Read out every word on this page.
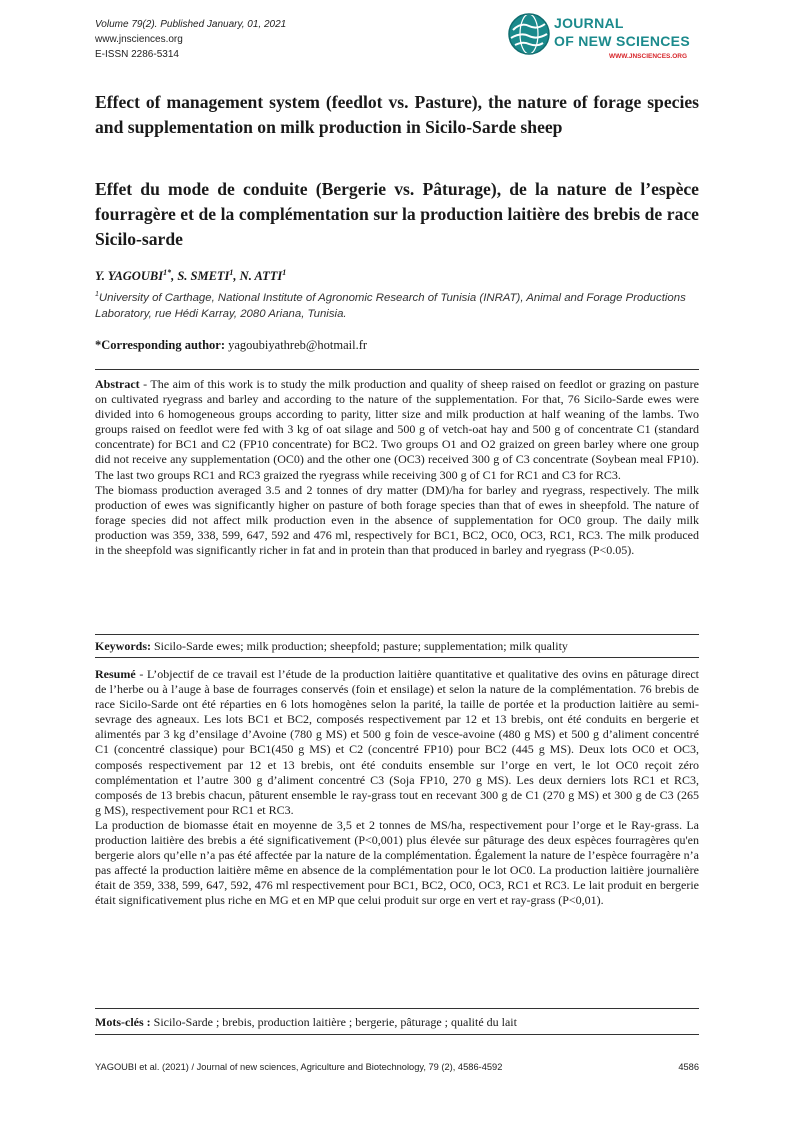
Volume 79(2). Published January, 01, 2021
www.jnsciences.org
E-ISSN 2286-5314
JOURNAL
OF NEW SCIENCES
WWW.JNSCIENCES.ORG
Effect of management system (feedlot vs. Pasture), the nature of forage species and supplementation on milk production in Sicilo-Sarde sheep
Effet du mode de conduite (Bergerie vs. Pâturage), de la nature de l’espèce fourragère et de la complémentation sur la production laitière des brebis de race Sicilo-sarde
Y. $YAGOUBI^{1*}$, S. SMETI$^1$, N. ATTI$^1$
$^1$University of Carthage, National Institute of Agronomic Research of Tunisia (INRAT), Animal and Forage Productions Laboratory, rue Hédi Karray, 2080 Ariana, Tunisia.
*Corresponding author: yagoubiyathreb@hotmail.fr

Abstract - The aim of this work is to study the milk production and quality of sheep raised on feedlot or grazing on pasture on cultivated ryegrass and barley and according to the nature of the supplementation. For that, 76 Sicilo-Sarde ewes were divided into 6 homogeneous groups according to parity, litter size and milk production at half weaning of the lambs. Two groups raised on feedlot were fed with 3 kg of oat silage and 500 g of vetch-oat hay and 500 g of concentrate C1 (standard concentrate) for BC1 and C2 (FP10 concentrate) for BC2. Two groups O1 and O2 graized on green barley where one group did not receive any supplementation (OC0) and the other one (OC3) received 300 g of C3 concentrate (Soybean meal FP10). The last two groups RC1 and RC3 graized the ryegrass while receiving 300 g of C1 for RC1 and C3 for RC3.

The biomass production averaged 3.5 and 2 tonnes of dry matter (DM)/ha for barley and ryegrass, respectively. The milk production of ewes was significantly higher on pasture of both forage species than that of ewes in sheepfold. The nature of forage species did not affect milk production even in the absence of supplementation for OC0 group. The daily milk production was 359, 338, 599, 647, 592 and 476 ml, respectively for BC1, BC2, OC0, OC3, RC1, RC3. The milk produced in the sheepfold was significantly richer in fat and in protein than that produced in barley and ryegrass (P<0.05).

Keywords: Sicilo-Sarde ewes; milk production; sheepfold; pasture; supplementation; milk quality

Resumé - L’objectif de ce travail est l’étude de la production laitière quantitative et qualitative des ovins en pâturage direct de l’herbe ou à l’auge à base de fourrages conservés (foin et ensilage) et selon la nature de la complémentation. 76 brebis de race Sicilo-Sarde ont été réparties en 6 lots homogènes selon la parité, la taille de portée et la production laitière au semi-sevrage des agneaux. Les lots BC1 et BC2, composés respectivement par 12 et 13 brebis, ont été conduits en bergerie et alimentés par 3 kg d’ensilage d’Avoine (780 g MS) et 500 g foin de vesce-avoine (480 g MS) et 500 g d’aliment concentré C1 (concentré classique) pour BC1(450 g MS) et C2 (concentré FP10) pour BC2 (445 g MS). Deux lots OC0 et OC3, composés respectivement par 12 et 13 brebis, ont été conduits ensemble sur l’orge en vert, le lot OC0 reçoit zéro complémentation et l’autre 300 g d’aliment concentré C3 (Soja FP10, 270 g MS). Les deux derniers lots RC1 et RC3, composés de 13 brebis chacun, pâturent ensemble le ray-grass tout en recevant 300 g de C1 (270 g MS) et 300 g de C3 (265 g MS), respectivement pour RC1 et RC3.

La production de biomasse était en moyenne de 3,5 et 2 tonnes de MS/ha, respectivement pour l’orge et le Ray-grass. La production laitière des brebis a été significativement (P<0,001) plus élevée sur pâturage des deux espèces fourragères qu'en bergerie alors qu’elle n’a pas été affectée par la nature de la complémentation. Également la nature de l’espèce fourragère n’a pas affecté la production laitière même en absence de la complémentation pour le lot OC0. La production laitière journalière était de 359, 338, 599, 647, 592, 476 ml respectivement pour BC1, BC2, OC0, OC3, RC1 et RC3. Le lait produit en bergerie était significativement plus riche en MG et en MP que celui produit sur orge en vert et ray-grass (P<0,01).

Mots-clés : Sicilo-Sarde ; brebis, production laitière ; bergerie, pâturage ; qualité du lait

YAGOUBI et al. (2021) / Journal of new sciences, Agriculture and Biotechnology, 79 (2), 4586-4592	4586
